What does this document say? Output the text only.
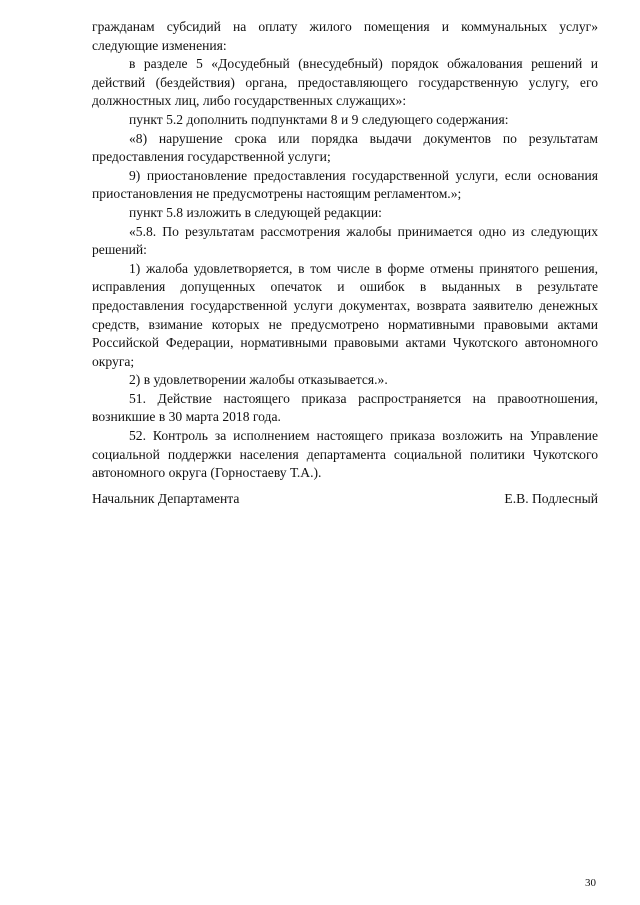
гражданам субсидий на оплату жилого помещения и коммунальных услуг» следующие изменения:

в разделе 5 «Досудебный (внесудебный) порядок обжалования решений и действий (бездействия) органа, предоставляющего государственную услугу, его должностных лиц, либо государственных служащих»:

пункт 5.2 дополнить подпунктами 8 и 9 следующего содержания:

«8) нарушение срока или порядка выдачи документов по результатам предоставления государственной услуги;

9) приостановление предоставления государственной услуги, если основания приостановления не предусмотрены настоящим регламентом.»;

пункт 5.8 изложить в следующей редакции:

«5.8. По результатам рассмотрения жалобы принимается одно из следующих решений:

1) жалоба удовлетворяется, в том числе в форме отмены принятого решения, исправления допущенных опечаток и ошибок в выданных в результате предоставления государственной услуги документах, возврата заявителю денежных средств, взимание которых не предусмотрено нормативными правовыми актами Российской Федерации, нормативными правовыми актами Чукотского автономного округа;

2) в удовлетворении жалобы отказывается.».

51. Действие настоящего приказа распространяется на правоотношения, возникшие в 30 марта 2018 года.

52. Контроль за исполнением настоящего приказа возложить на Управление социальной поддержки населения департамента социальной политики Чукотского автономного округа (Горностаеву Т.А.).

Начальник Департамента	Е.В. Подлесный
30
